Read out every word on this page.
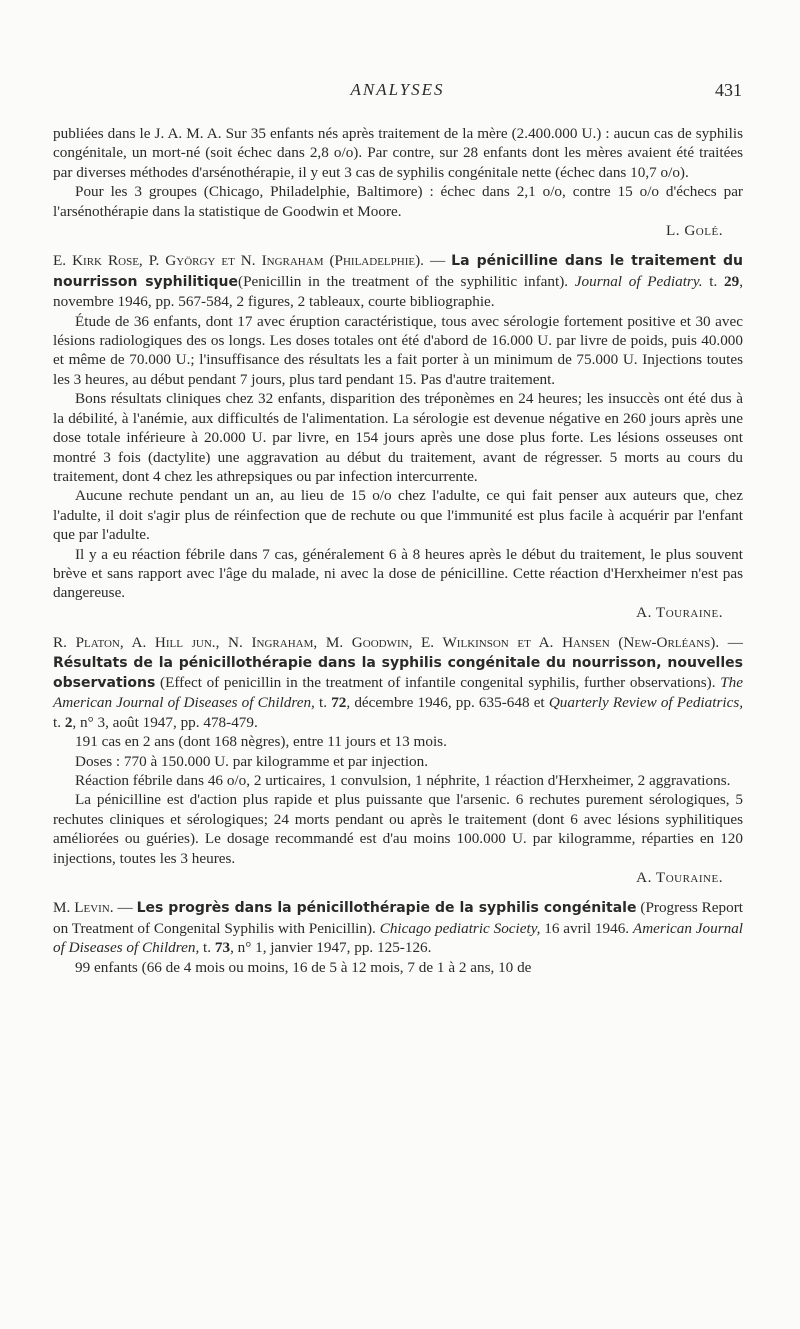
ANALYSES	431

publiées dans le J. A. M. A. Sur 35 enfants nés après traitement de la mère (2.400.000 U.) : aucun cas de syphilis congénitale, un mort-né (soit échec dans 2,8 o/o). Par contre, sur 28 enfants dont les mères avaient été traitées par diverses méthodes d'arsénothérapie, il y eut 3 cas de syphilis congénitale nette (échec dans 10,7 o/o).

Pour les 3 groupes (Chicago, Philadelphie, Baltimore) : échec dans 2,1 o/o, contre 15 o/o d'échecs par l'arsénothérapie dans la statistique de Goodwin et Moore.

L. Golé.

E. Kirk Rose, P. György et N. Ingraham (Philadelphie). — La pénicilline dans le traitement du nourrisson syphilitique(Penicillin in the treatment of the syphilitic infant). Journal of Pediatry. t. 29, novembre 1946, pp. 567-584, 2 figures, 2 tableaux, courte bibliographie.

Étude de 36 enfants, dont 17 avec éruption caractéristique, tous avec sérologie fortement positive et 30 avec lésions radiologiques des os longs. Les doses totales ont été d'abord de 16.000 U. par livre de poids, puis 40.000 et même de 70.000 U.; l'insuffisance des résultats les a fait porter à un minimum de 75.000 U. Injections toutes les 3 heures, au début pendant 7 jours, plus tard pendant 15. Pas d'autre traitement.

Bons résultats cliniques chez 32 enfants, disparition des tréponèmes en 24 heures; les insuccès ont été dus à la débilité, à l'anémie, aux difficultés de l'alimentation. La sérologie est devenue négative en 260 jours après une dose totale inférieure à 20.000 U. par livre, en 154 jours après une dose plus forte. Les lésions osseuses ont montré 3 fois (dactylite) une aggravation au début du traitement, avant de régresser. 5 morts au cours du traitement, dont 4 chez les athrepsiques ou par infection intercurrente.

Aucune rechute pendant un an, au lieu de 15 o/o chez l'adulte, ce qui fait penser aux auteurs que, chez l'adulte, il doit s'agir plus de réinfection que de rechute ou que l'immunité est plus facile à acquérir par l'enfant que par l'adulte.

Il y a eu réaction fébrile dans 7 cas, généralement 6 à 8 heures après le début du traitement, le plus souvent brève et sans rapport avec l'âge du malade, ni avec la dose de pénicilline. Cette réaction d'Herxheimer n'est pas dangereuse.

A. Touraine.

R. Platon, A. Hill jun., N. Ingraham, M. Goodwin, E. Wilkinson et A. Hansen (New-Orléans). — Résultats de la pénicillothérapie dans la syphilis congénitale du nourrisson, nouvelles observations (Effect of penicillin in the treatment of infantile congenital syphilis, further observations). The American Journal of Diseases of Children, t. 72, décembre 1946, pp. 635-648 et Quarterly Review of Pediatrics, t. 2, n° 3, août 1947, pp. 478-479.

191 cas en 2 ans (dont 168 nègres), entre 11 jours et 13 mois.

Doses : 770 à 150.000 U. par kilogramme et par injection.

Réaction fébrile dans 46 o/o, 2 urticaires, 1 convulsion, 1 néphrite, 1 réaction d'Herxheimer, 2 aggravations.

La pénicilline est d'action plus rapide et plus puissante que l'arsenic. 6 rechutes purement sérologiques, 5 rechutes cliniques et sérologiques; 24 morts pendant ou après le traitement (dont 6 avec lésions syphilitiques améliorées ou guéries). Le dosage recommandé est d'au moins 100.000 U. par kilogramme, réparties en 120 injections, toutes les 3 heures.

A. Touraine.

M. Levin. — Les progrès dans la pénicillothérapie de la syphilis congénitale (Progress Report on Treatment of Congenital Syphilis with Penicillin). Chicago pediatric Society, 16 avril 1946. American Journal of Diseases of Children, t. 73, n° 1, janvier 1947, pp. 125-126.

99 enfants (66 de 4 mois ou moins, 16 de 5 à 12 mois, 7 de 1 à 2 ans, 10 de
